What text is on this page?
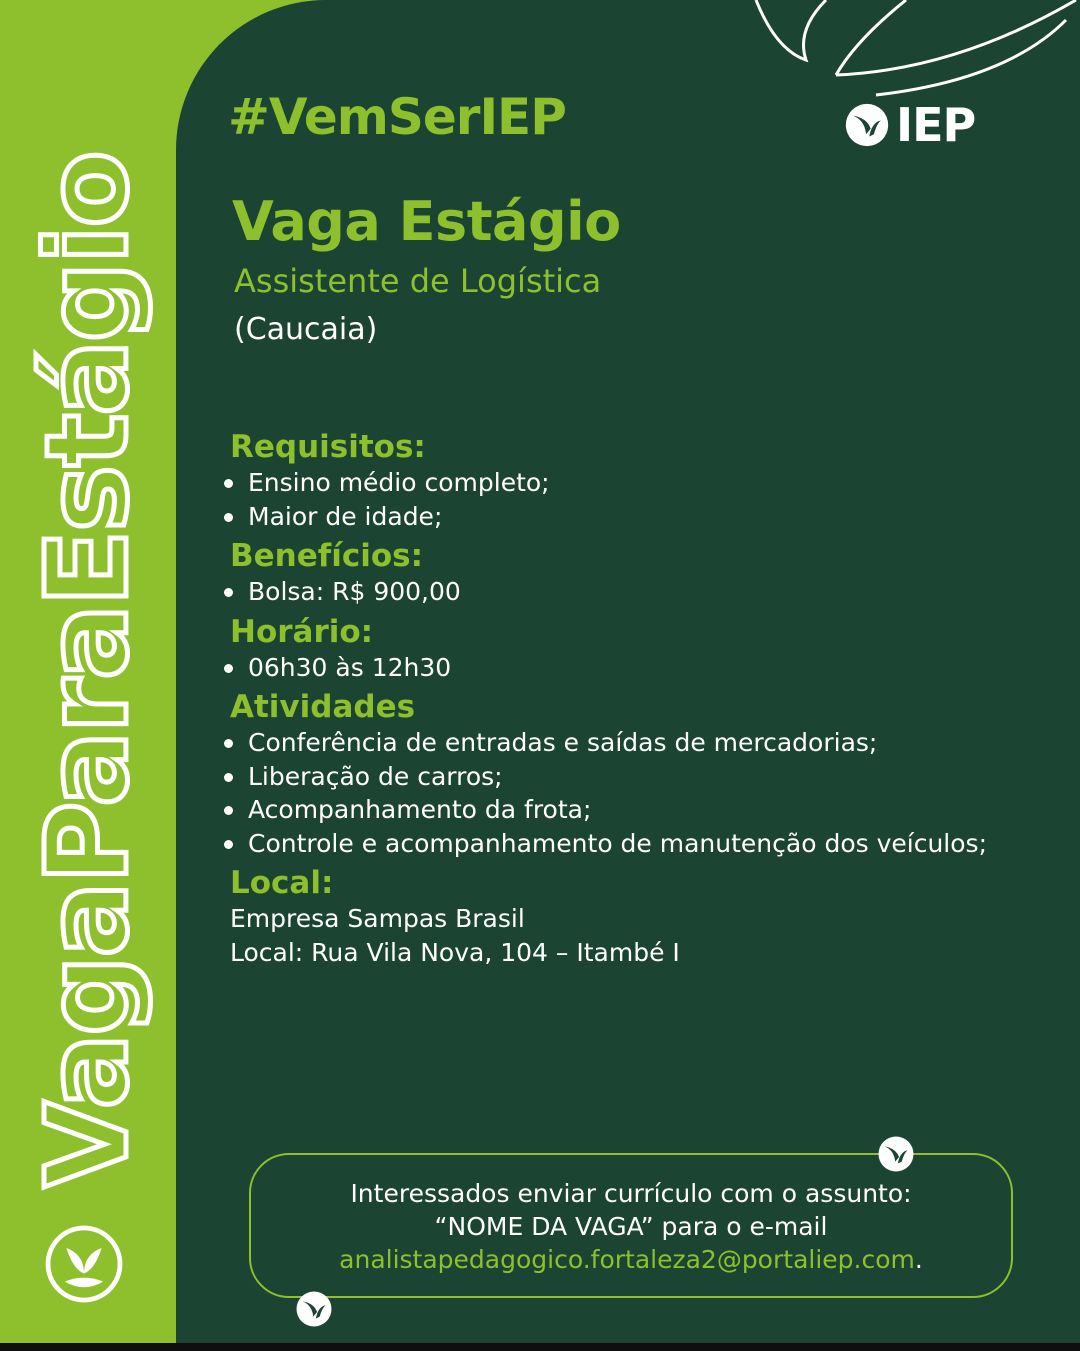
VagaParaEstágio
#VemSerIEP	IEP
Vaga Estágio
Assistente de Logística
(Caucaia)
Requisitos:
Ensino médio completo;
Maior de idade;
Benefícios:
Bolsa: R$ 900,00
Horário:
06h30 às 12h30
Atividades
Conferência de entradas e saídas de mercadorias;
Liberação de carros;
Acompanhamento da frota;
Controle e acompanhamento de manutenção dos veículos;
Local:
Empresa Sampas Brasil
Local: Rua Vila Nova, 104 – Itambé I
Interessados enviar currículo com o assunto:
“NOME DA VAGA” para o e-mail
analistapedagogico.fortaleza2@portaliep.com.
